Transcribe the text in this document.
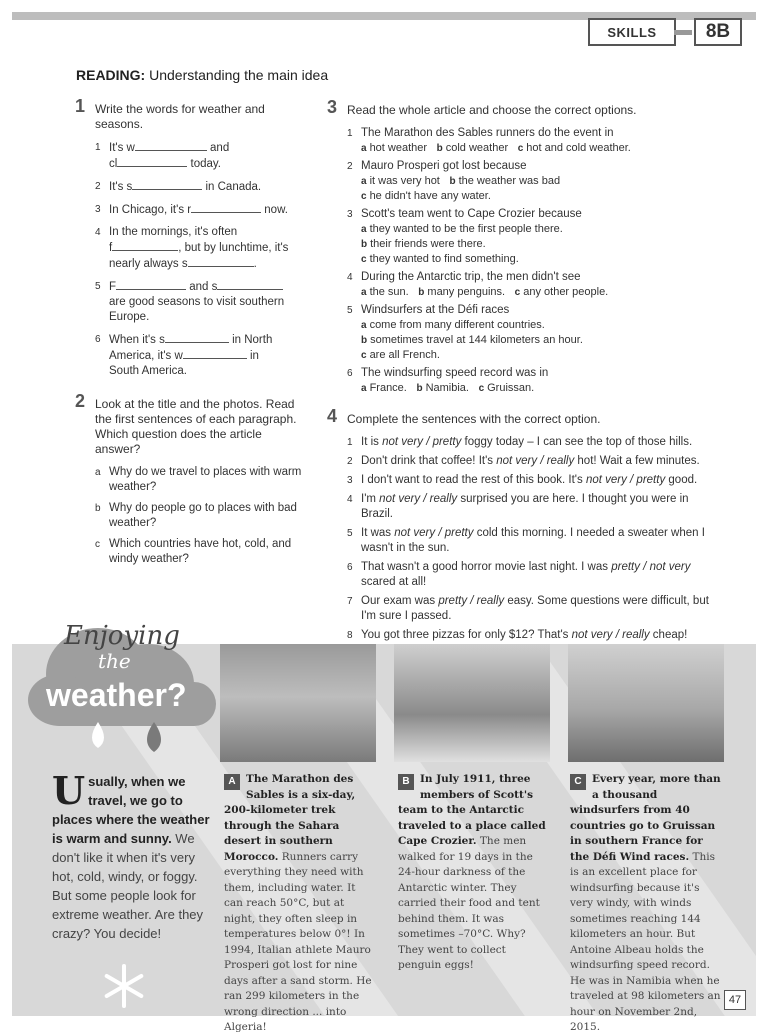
SKILLS	8B
READING: Understanding the main idea
1 Write the words for weather and seasons.
1 It's w	and
cl	today.
2 It's s	in Canada.
3 In Chicago, it's r	now.
4 In the mornings, it's often
f	, but by lunchtime, it's
nearly always s	.
5 F	and s
are good seasons to visit southern
Europe.
6 When it's s	in North
America, it's w	in
South America.
2 Look at the title and the photos. Read the first sentences of each paragraph. Which question does the article answer?
a Why do we travel to places with warm weather?
b Why do people go to places with bad weather?
c Which countries have hot, cold, and windy weather?
3 Read the whole article and choose the correct options.
1 The Marathon des Sables runners do the event in
a hot weather b cold weather c hot and cold weather.
2 Mauro Prosperi got lost because
a it was very hot b the weather was bad
c he didn't have any water.
3 Scott's team went to Cape Crozier because
a they wanted to be the first people there.
b their friends were there.
c they wanted to find something.
4 During the Antarctic trip, the men didn't see
a the sun. b many penguins. c any other people.
5 Windsurfers at the Défi races
a come from many different countries.
b sometimes travel at 144 kilometers an hour.
c are all French.
6 The windsurfing speed record was in
a France. b Namibia. c Gruissan.
4 Complete the sentences with the correct option.
1 It is not very / pretty foggy today – I can see the top of those hills.
2 Don't drink that coffee! It's not very / really hot! Wait a few minutes.
3 I don't want to read the rest of this book. It's not very / pretty good.
4 I'm not very / really surprised you are here. I thought you were in Brazil.
5 It was not very / pretty cold this morning. I needed a sweater when I wasn't in the sun.
6 That wasn't a good horror movie last night. I was pretty / not very scared at all!
7 Our exam was pretty / really easy. Some questions were difficult, but I'm sure I passed.
8 You got three pizzas for only $12? That's not very / really cheap!
Enjoying
the
weather?
Usually, when we travel, we go to places where the weather is warm and sunny. We don't like it when it's very hot, cold, windy, or foggy. But some people look for extreme weather. Are they crazy? You decide!
A The Marathon des Sables is a six-day, 200-kilometer trek through the Sahara desert in southern Morocco. Runners carry everything they need with them, including water. It can reach 50°C, but at night, they often sleep in temperatures below 0°! In 1994, Italian athlete Mauro Prosperi got lost for nine days after a sand storm. He ran 299 kilometers in the wrong direction ... into Algeria!
B In July 1911, three members of Scott's team to the Antarctic traveled to a place called Cape Crozier. The men walked for 19 days in the 24-hour darkness of the Antarctic winter. They carried their food and tent behind them. It was sometimes –70°C. Why? They went to collect penguin eggs!
C Every year, more than a thousand windsurfers from 40 countries go to Gruissan in southern France for the Défi Wind races. This is an excellent place for windsurfing because it's very windy, with winds sometimes reaching 144 kilometers an hour. But Antoine Albeau holds the windsurfing speed record. He was in Namibia when he traveled at 98 kilometers an hour on November 2nd, 2015.
47
